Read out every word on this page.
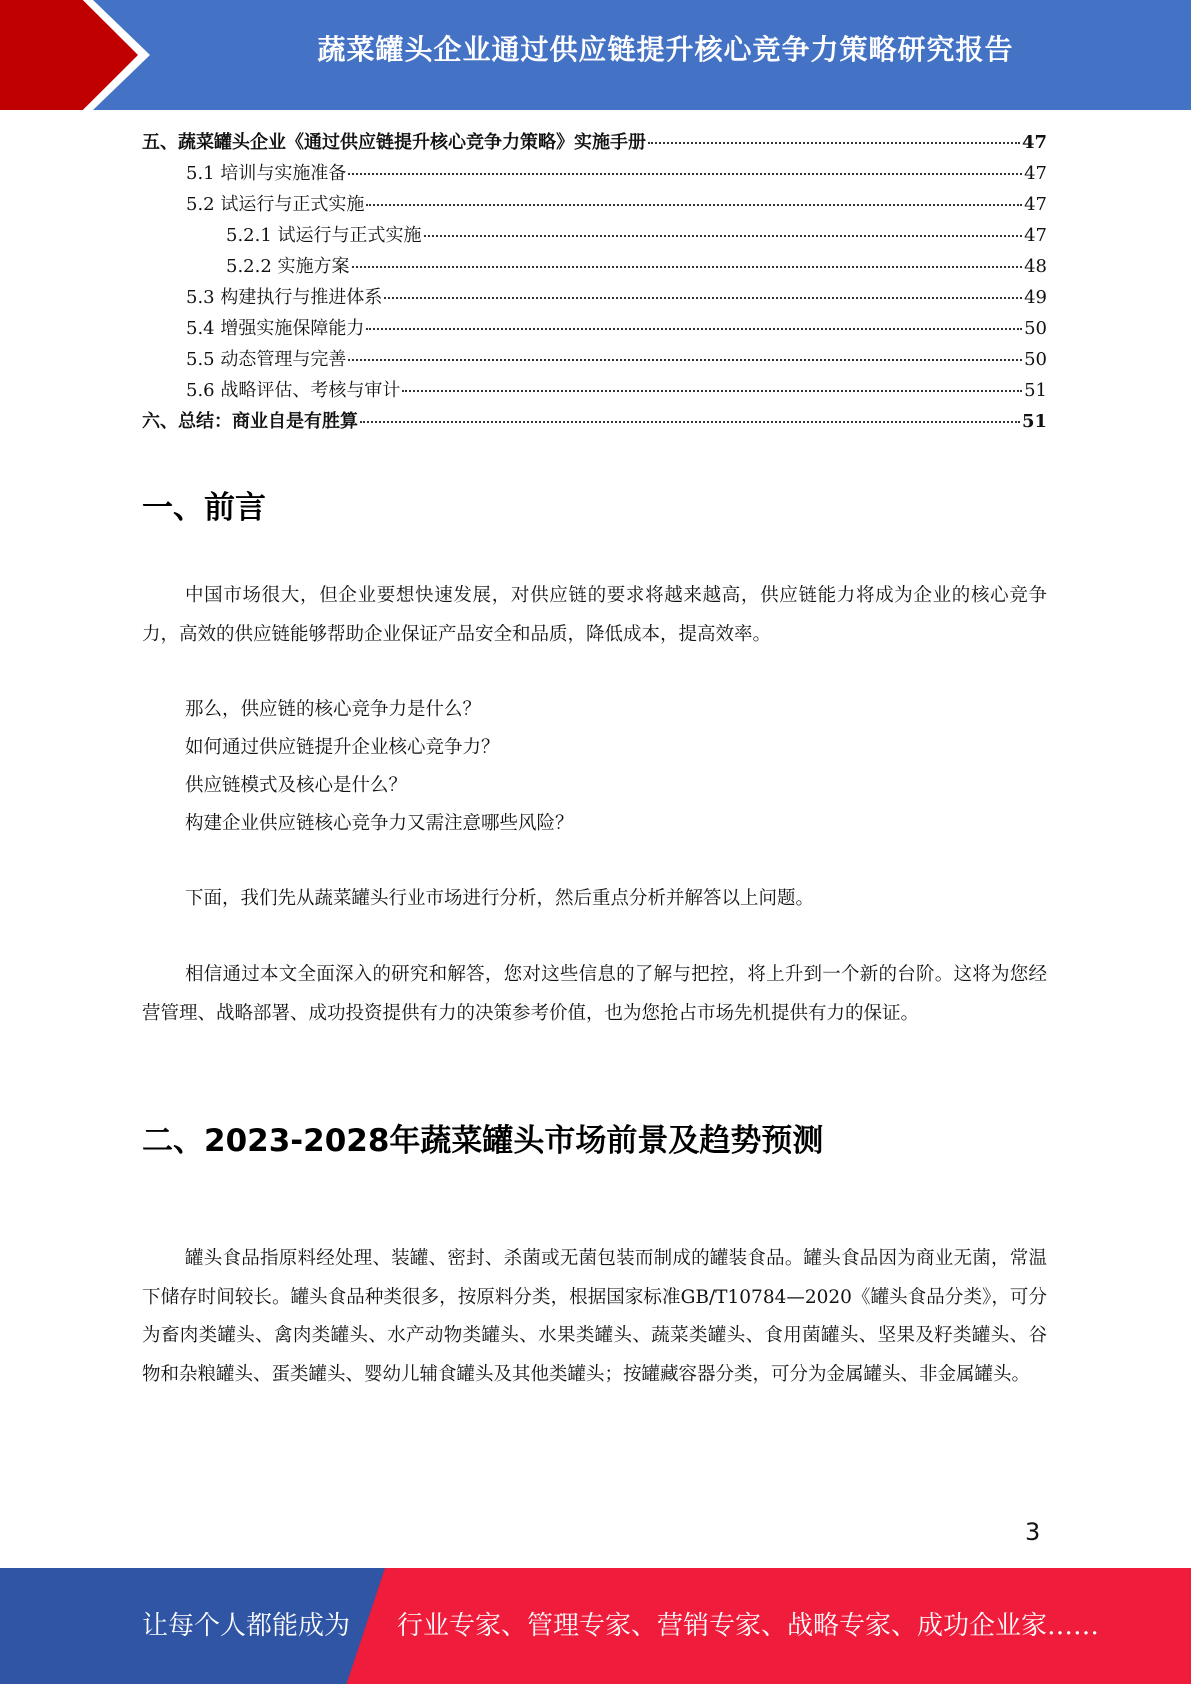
蔬菜罐头企业通过供应链提升核心竞争力策略研究报告
五、蔬菜罐头企业《通过供应链提升核心竞争力策略》实施手册	47
5.1 培训与实施准备	47
5.2 试运行与正式实施	47
5.2.1 试运行与正式实施	47
5.2.2 实施方案	48
5.3 构建执行与推进体系	49
5.4 增强实施保障能力	50
5.5 动态管理与完善	50
5.6 战略评估、考核与审计	51
六、总结：商业自是有胜算	51
一、前言
中国市场很大，但企业要想快速发展，对供应链的要求将越来越高，供应链能力将成为企业的核心竞争力，高效的供应链能够帮助企业保证产品安全和品质，降低成本，提高效率。
那么，供应链的核心竞争力是什么？
如何通过供应链提升企业核心竞争力？
供应链模式及核心是什么？
构建企业供应链核心竞争力又需注意哪些风险？
下面，我们先从蔬菜罐头行业市场进行分析，然后重点分析并解答以上问题。
相信通过本文全面深入的研究和解答，您对这些信息的了解与把控，将上升到一个新的台阶。这将为您经营管理、战略部署、成功投资提供有力的决策参考价值，也为您抢占市场先机提供有力的保证。
二、2023-2028年蔬菜罐头市场前景及趋势预测
罐头食品指原料经处理、装罐、密封、杀菌或无菌包装而制成的罐装食品。罐头食品因为商业无菌，常温下储存时间较长。罐头食品种类很多，按原料分类，根据国家标准GB/T10784—2020《罐头食品分类》，可分为畜肉类罐头、禽肉类罐头、水产动物类罐头、水果类罐头、蔬菜类罐头、食用菌罐头、坚果及籽类罐头、谷物和杂粮罐头、蛋类罐头、婴幼儿辅食罐头及其他类罐头；按罐藏容器分类，可分为金属罐头、非金属罐头。
3
让每个人都能成为 行业专家、管理专家、营销专家、战略专家、成功企业家……
